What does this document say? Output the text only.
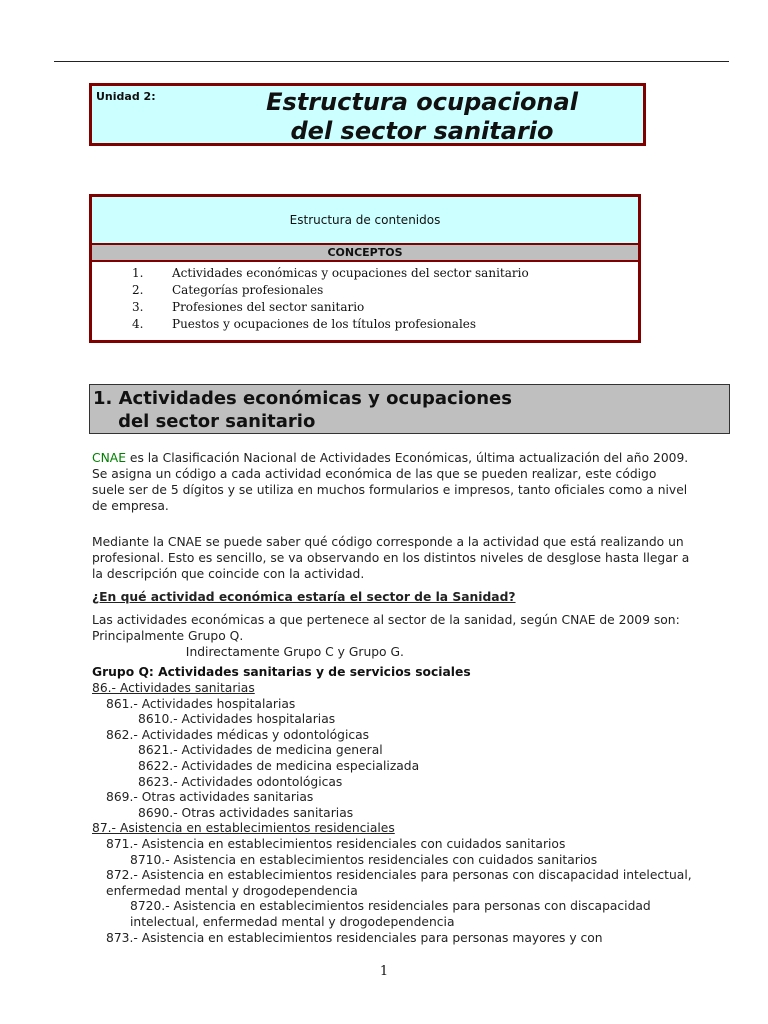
Unidad 2:	Estructura ocupacional
del sector sanitario
Estructura de contenidos
CONCEPTOS
1. Actividades económicas y ocupaciones del sector sanitario
2. Categorías profesionales
3. Profesiones del sector sanitario
4. Puestos y ocupaciones de los títulos profesionales
1. Actividades económicas y ocupaciones
del sector sanitario
CNAE es la Clasificación Nacional de Actividades Económicas, última actualización del año 2009.
Se asigna un código a cada actividad económica de las que se pueden realizar, este código suele ser de 5 dígitos y se utiliza en muchos formularios e impresos, tanto oficiales como a nivel de empresa.
Mediante la CNAE se puede saber qué código corresponde a la actividad que está realizando un profesional. Esto es sencillo, se va observando en los distintos niveles de desglose hasta llegar a la descripción que coincide con la actividad.
¿En qué actividad económica estaría el sector de la Sanidad?
Las actividades económicas a que pertenece al sector de la sanidad, según CNAE de 2009 son: Principalmente Grupo Q.
Indirectamente Grupo C y Grupo G.
Grupo Q: Actividades sanitarias y de servicios sociales
86.- Actividades sanitarias
861.- Actividades hospitalarias
8610.- Actividades hospitalarias
862.- Actividades médicas y odontológicas
8621.- Actividades de medicina general
8622.- Actividades de medicina especializada
8623.- Actividades odontológicas
869.- Otras actividades sanitarias
8690.- Otras actividades sanitarias
87.- Asistencia en establecimientos residenciales
871.- Asistencia en establecimientos residenciales con cuidados sanitarios
8710.- Asistencia en establecimientos residenciales con cuidados sanitarios
872.- Asistencia en establecimientos residenciales para personas con discapacidad intelectual, enfermedad mental y drogodependencia
8720.- Asistencia en establecimientos residenciales para personas con discapacidad intelectual, enfermedad mental y drogodependencia
873.- Asistencia en establecimientos residenciales para personas mayores y con
1
